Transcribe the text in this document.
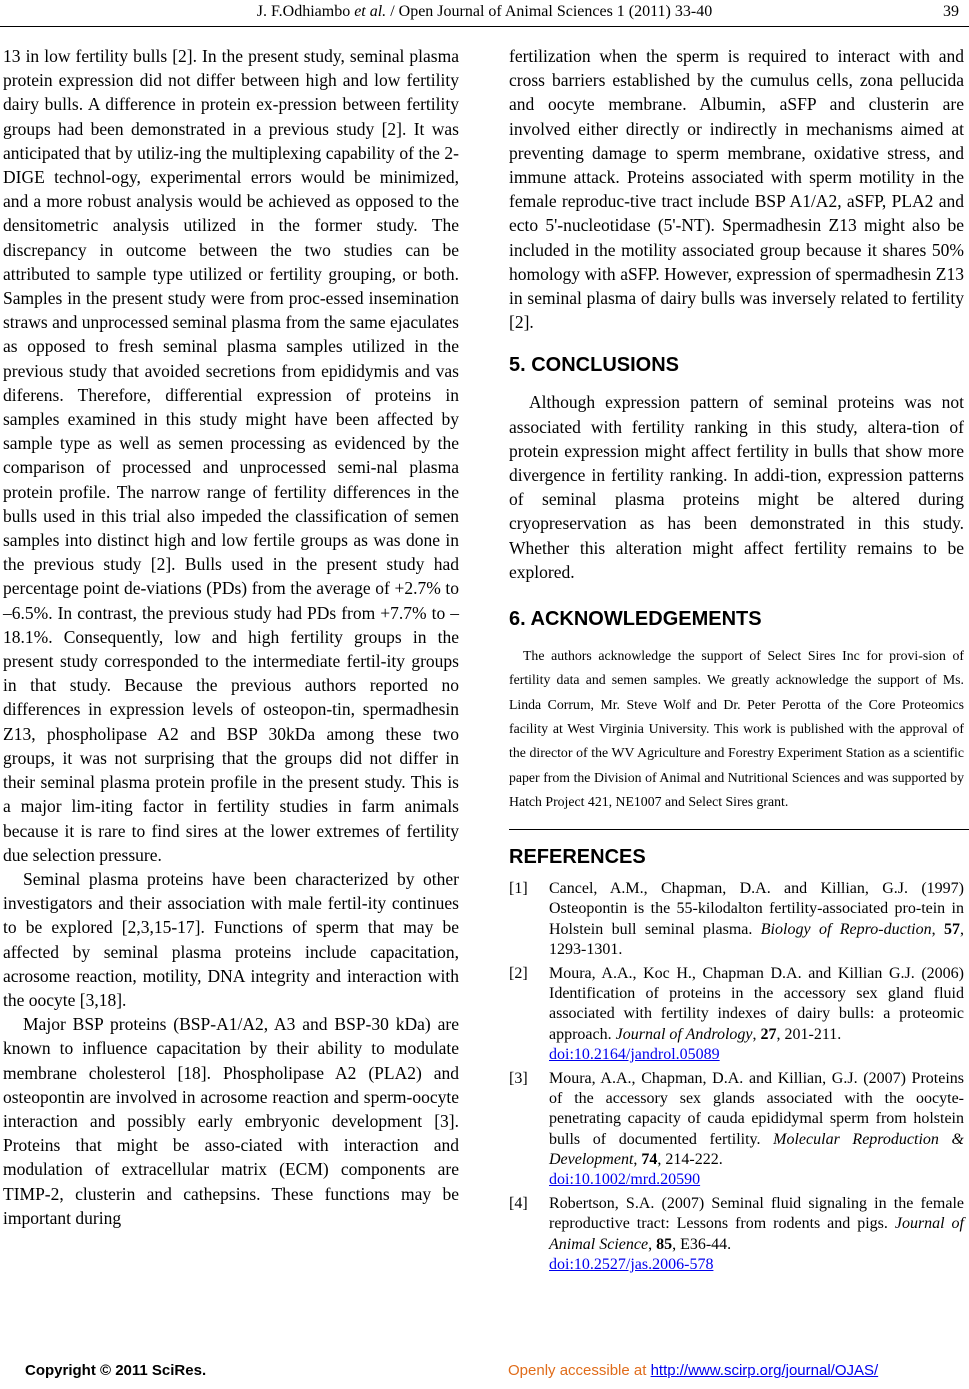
J. F.Odhiambo et al. / Open Journal of Animal Sciences 1 (2011) 33-40	39

13 in low fertility bulls [2]. In the present study, seminal plasma protein expression did not differ between high and low fertility dairy bulls. A difference in protein ex-pression between fertility groups had been demonstrated in a previous study [2]. It was anticipated that by utiliz-ing the multiplexing capability of the 2-DIGE technol-ogy, experimental errors would be minimized, and a more robust analysis would be achieved as opposed to the densitometric analysis utilized in the former study. The discrepancy in outcome between the two studies can be attributed to sample type utilized or fertility grouping, or both. Samples in the present study were from proc-essed insemination straws and unprocessed seminal plasma from the same ejaculates as opposed to fresh seminal plasma samples utilized in the previous study that avoided secretions from epididymis and vas diferens. Therefore, differential expression of proteins in samples examined in this study might have been affected by sample type as well as semen processing as evidenced by the comparison of processed and unprocessed semi-nal plasma protein profile. The narrow range of fertility differences in the bulls used in this trial also impeded the classification of semen samples into distinct high and low fertile groups as was done in the previous study [2]. Bulls used in the present study had percentage point de-viations (PDs) from the average of +2.7% to –6.5%. In contrast, the previous study had PDs from +7.7% to –18.1%. Consequently, low and high fertility groups in the present study corresponded to the intermediate fertil-ity groups in that study. Because the previous authors reported no differences in expression levels of osteopon-tin, spermadhesin Z13, phospholipase A2 and BSP 30kDa among these two groups, it was not surprising that the groups did not differ in their seminal plasma protein profile in the present study. This is a major lim-iting factor in fertility studies in farm animals because it is rare to find sires at the lower extremes of fertility due selection pressure.

Seminal plasma proteins have been characterized by other investigators and their association with male fertil-ity continues to be explored [2,3,15-17]. Functions of sperm that may be affected by seminal plasma proteins include capacitation, acrosome reaction, motility, DNA integrity and interaction with the oocyte [3,18].

Major BSP proteins (BSP-A1/A2, A3 and BSP-30 kDa) are known to influence capacitation by their ability to modulate membrane cholesterol [18]. Phospholipase A2 (PLA2) and osteopontin are involved in acrosome reaction and sperm-oocyte interaction and possibly early embryonic development [3]. Proteins that might be asso-ciated with interaction and modulation of extracellular matrix (ECM) components are TIMP-2, clusterin and cathepsins. These functions may be important during

fertilization when the sperm is required to interact with and cross barriers established by the cumulus cells, zona pellucida and oocyte membrane. Albumin, aSFP and clusterin are involved either directly or indirectly in mechanisms aimed at preventing damage to sperm membrane, oxidative stress, and immune attack. Proteins associated with sperm motility in the female reproduc-tive tract include BSP A1/A2, aSFP, PLA2 and ecto 5'-nucleotidase (5'-NT). Spermadhesin Z13 might also be included in the motility associated group because it shares 50% homology with aSFP. However, expression of spermadhesin Z13 in seminal plasma of dairy bulls was inversely related to fertility [2].

5. CONCLUSIONS

Although expression pattern of seminal proteins was not associated with fertility ranking in this study, altera-tion of protein expression might affect fertility in bulls that show more divergence in fertility ranking. In addi-tion, expression patterns of seminal plasma proteins might be altered during cryopreservation as has been demonstrated in this study. Whether this alteration might affect fertility remains to be explored.

6. ACKNOWLEDGEMENTS

The authors acknowledge the support of Select Sires Inc for provi-sion of fertility data and semen samples. We greatly acknowledge the support of Ms. Linda Corrum, Mr. Steve Wolf and Dr. Peter Perotta of the Core Proteomics facility at West Virginia University. This work is published with the approval of the director of the WV Agriculture and Forestry Experiment Station as a scientific paper from the Division of Animal and Nutritional Sciences and was supported by Hatch Project 421, NE1007 and Select Sires grant.

REFERENCES
[1]	Cancel, A.M., Chapman, D.A. and Killian, G.J. (1997) Osteopontin is the 55-kilodalton fertility-associated pro-tein in Holstein bull seminal plasma. Biology of Repro-duction, 57, 1293-1301.
[2]	Moura, A.A., Koc H., Chapman D.A. and Killian G.J. (2006) Identification of proteins in the accessory sex gland fluid associated with fertility indexes of dairy bulls: a proteomic approach. Journal of Andrology, 27, 201-211.
doi:10.2164/jandrol.05089
[3]	Moura, A.A., Chapman, D.A. and Killian, G.J. (2007) Proteins of the accessory sex glands associated with the oocyte-penetrating capacity of cauda epididymal sperm from holstein bulls of documented fertility. Molecular Reproduction & Development, 74, 214-222.
doi:10.1002/mrd.20590
[4]	Robertson, S.A. (2007) Seminal fluid signaling in the female reproductive tract: Lessons from rodents and pigs. Journal of Animal Science, 85, E36-44.
doi:10.2527/jas.2006-578
Copyright © 2011 SciRes.	Openly accessible at http://www.scirp.org/journal/OJAS/
